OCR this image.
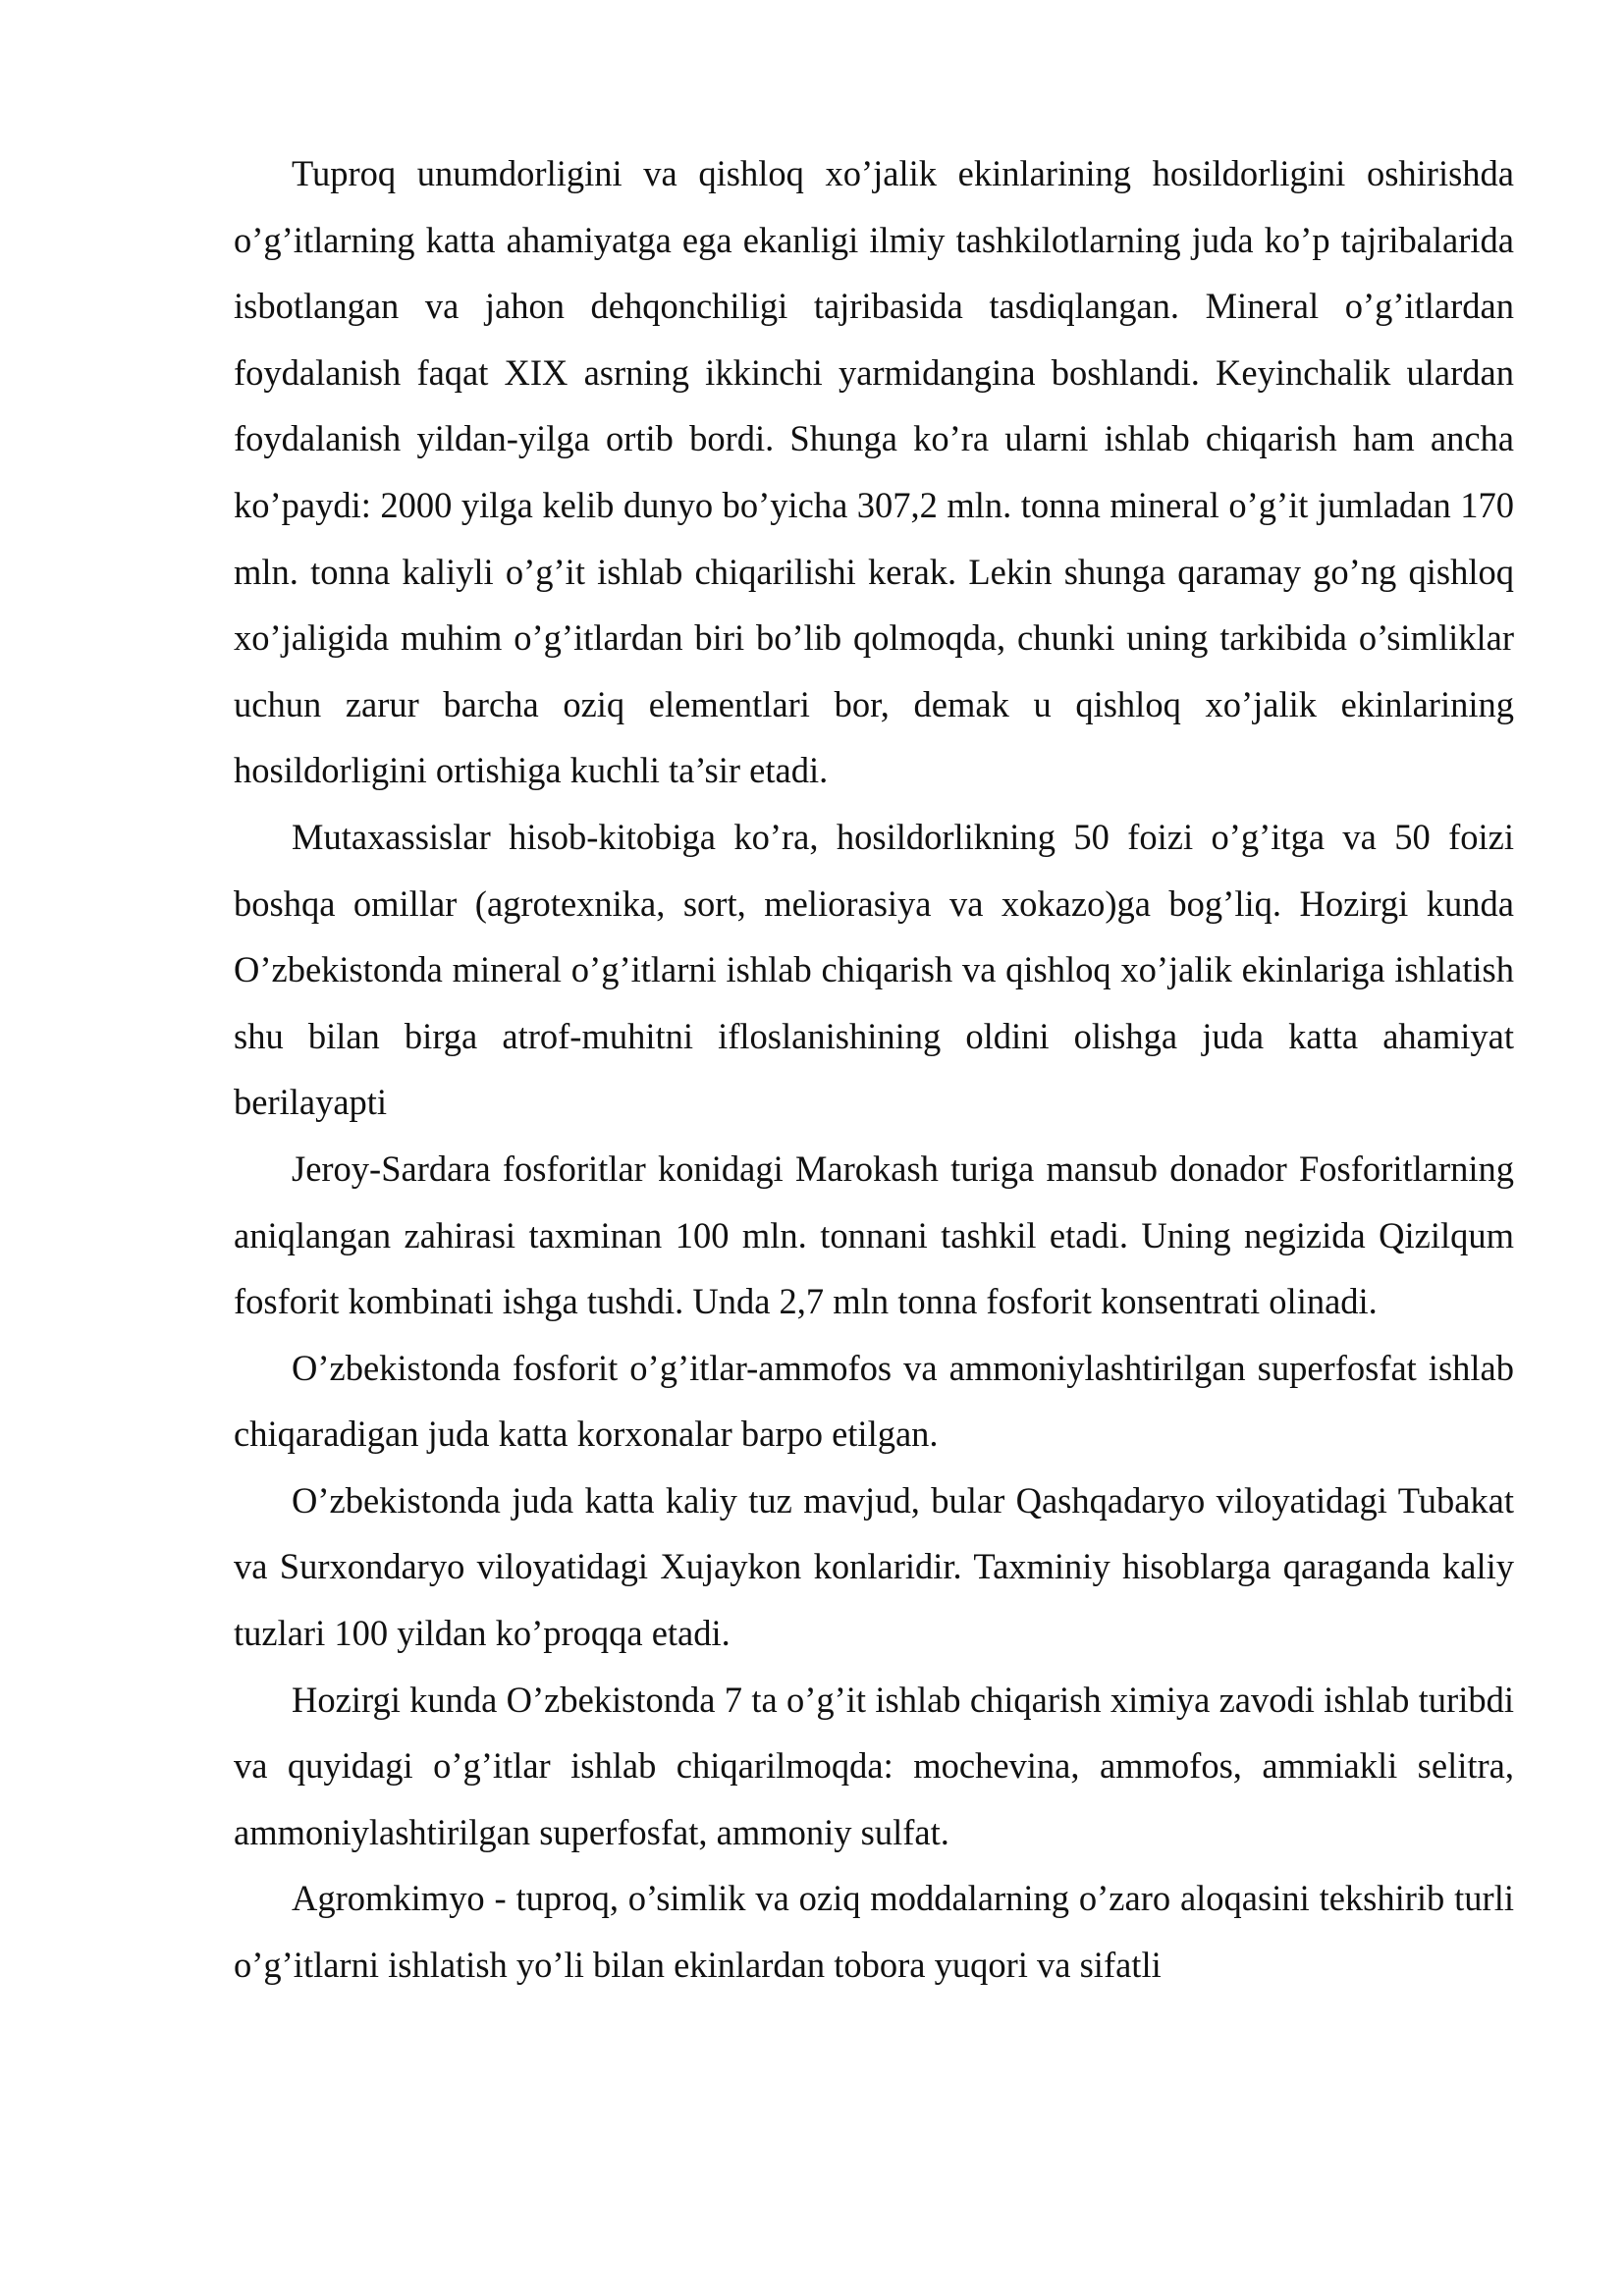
Tuproq unumdorligini va qishloq xo’jalik ekinlarining hosildorligini oshirishda o’g’itlarning katta ahamiyatga ega ekanligi ilmiy tashkilotlarning juda ko’p tajribalarida isbotlangan va jahon dehqonchiligi tajribasida tasdiqlangan. Mineral o’g’itlardan foydalanish faqat XIX asrning ikkinchi yarmidangina boshlandi. Keyinchalik ulardan foydalanish yildan-yilga ortib bordi. Shunga ko’ra ularni ishlab chiqarish ham ancha ko’paydi: 2000 yilga kelib dunyo bo’yicha 307,2 mln. tonna mineral o’g’it jumladan 170 mln. tonna kaliyli o’g’it ishlab chiqarilishi kerak. Lekin shunga qaramay go’ng qishloq xo’jaligida muhim o’g’itlardan biri bo’lib qolmoqda, chunki uning tarkibida o’simliklar uchun zarur barcha oziq elementlari bor, demak u qishloq xo’jalik ekinlarining hosildorligini ortishiga kuchli ta’sir etadi.

Mutaxassislar hisob-kitobiga ko’ra, hosildorlikning 50 foizi o’g’itga va 50 foizi boshqa omillar (agrotexnika, sort, meliorasiya va xokazo)ga bog’liq. Hozirgi kunda O’zbekistonda mineral o’g’itlarni ishlab chiqarish va qishloq xo’jalik ekinlariga ishlatish shu bilan birga atrof-muhitni ifloslanishining oldini olishga juda katta ahamiyat berilayapti

Jeroy-Sardara fosforitlar konidagi Marokash turiga mansub donador Fosforitlarning aniqlangan zahirasi taxminan 100 mln. tonnani tashkil etadi. Uning negizida Qizilqum fosforit kombinati ishga tushdi. Unda 2,7 mln tonna fosforit konsentrati olinadi.

O’zbekistonda fosforit o’g’itlar-ammofos va ammoniylashtirilgan superfosfat ishlab chiqaradigan juda katta korxonalar barpo etilgan.

O’zbekistonda juda katta kaliy tuz mavjud, bular Qashqadaryo viloyatidagi Tubakat va Surxondaryo viloyatidagi Xujaykon konlaridir. Taxminiy hisoblarga qaraganda kaliy tuzlari 100 yildan ko’proqqa etadi.

Hozirgi kunda O’zbekistonda 7 ta o’g’it ishlab chiqarish ximiya zavodi ishlab turibdi va quyidagi o’g’itlar ishlab chiqarilmoqda: mochevina, ammofos, ammiakli selitra, ammoniylashtirilgan superfosfat, ammoniy sulfat.

Agromkimyo - tuproq, o’simlik va oziq moddalarning o’zaro aloqasini tekshirib turli o’g’itlarni ishlatish yo’li bilan ekinlardan tobora yuqori va sifatli
